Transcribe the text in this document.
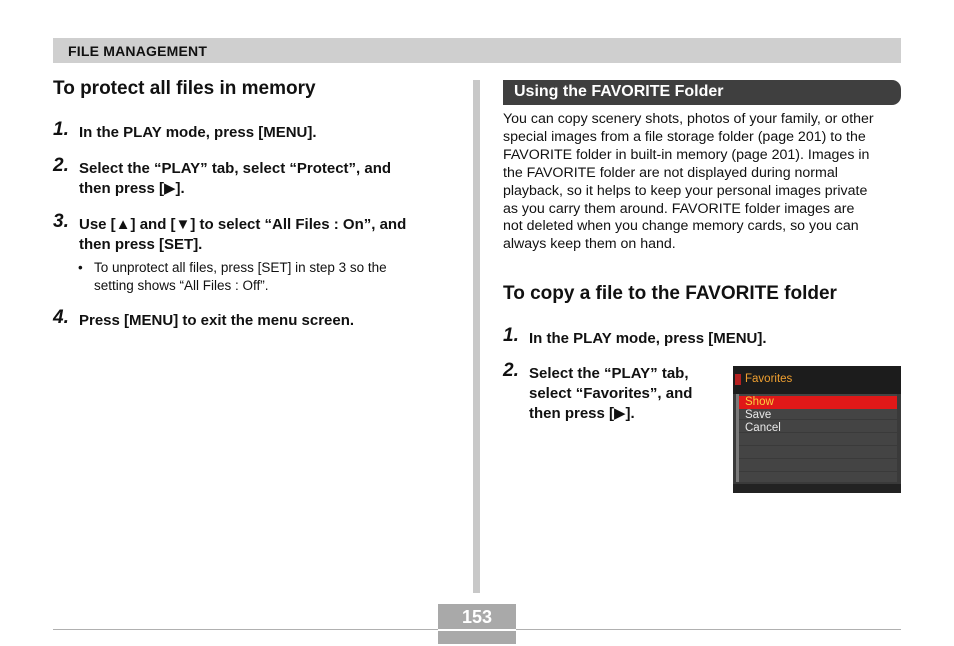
FILE MANAGEMENT
To protect all files in memory
1. In the PLAY mode, press [MENU].
2. Select the “PLAY” tab, select “Protect”, and
then press [▶].
3. Use [▲] and [▼] to select “All Files : On”, and
then press [SET].
• To unprotect all files, press [SET] in step 3 so the
setting shows “All Files : Off”.
4. Press [MENU] to exit the menu screen.
Using the FAVORITE Folder
You can copy scenery shots, photos of your family, or other
special images from a file storage folder (page 201) to the
FAVORITE folder in built-in memory (page 201). Images in
the FAVORITE folder are not displayed during normal
playback, so it helps to keep your personal images private
as you carry them around. FAVORITE folder images are
not deleted when you change memory cards, so you can
always keep them on hand.
To copy a file to the FAVORITE folder
1. In the PLAY mode, press [MENU].
2. Select the “PLAY” tab,
select “Favorites”, and
then press [▶].
Favorites
Show
Save
Cancel
153
